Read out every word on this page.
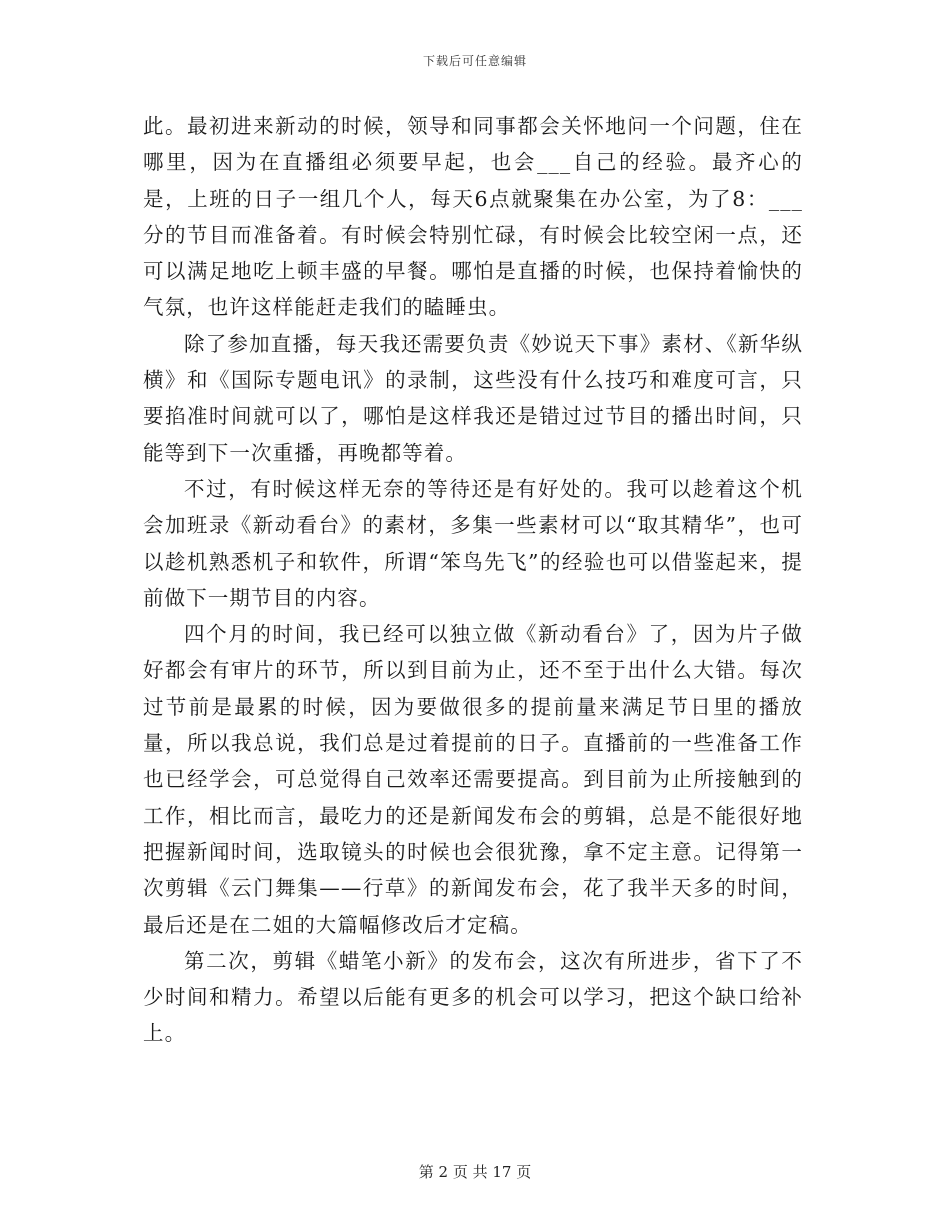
下载后可任意编辑

此。最初进来新动的时候，领导和同事都会关怀地问一个问题，住在哪里，因为在直播组必须要早起，也会___自己的经验。最齐心的是，上班的日子一组几个人，每天6点就聚集在办公室，为了8：___分的节目而准备着。有时候会特别忙碌，有时候会比较空闲一点，还可以满足地吃上顿丰盛的早餐。哪怕是直播的时候，也保持着愉快的气氛，也许这样能赶走我们的瞌睡虫。

除了参加直播，每天我还需要负责《妙说天下事》素材、《新华纵横》和《国际专题电讯》的录制，这些没有什么技巧和难度可言，只要掐准时间就可以了，哪怕是这样我还是错过过节目的播出时间，只能等到下一次重播，再晚都等着。

不过，有时候这样无奈的等待还是有好处的。我可以趁着这个机会加班录《新动看台》的素材，多集一些素材可以“取其精华”，也可以趁机熟悉机子和软件，所谓“笨鸟先飞”的经验也可以借鉴起来，提前做下一期节目的内容。

四个月的时间，我已经可以独立做《新动看台》了，因为片子做好都会有审片的环节，所以到目前为止，还不至于出什么大错。每次过节前是最累的时候，因为要做很多的提前量来满足节日里的播放量，所以我总说，我们总是过着提前的日子。直播前的一些准备工作也已经学会，可总觉得自己效率还需要提高。到目前为止所接触到的工作，相比而言，最吃力的还是新闻发布会的剪辑，总是不能很好地把握新闻时间，选取镜头的时候也会很犹豫，拿不定主意。记得第一次剪辑《云门舞集——行草》的新闻发布会，花了我半天多的时间，最后还是在二姐的大篇幅修改后才定稿。

第二次，剪辑《蜡笔小新》的发布会，这次有所进步，省下了不少时间和精力。希望以后能有更多的机会可以学习，把这个缺口给补上。

第 2 页 共 17 页
